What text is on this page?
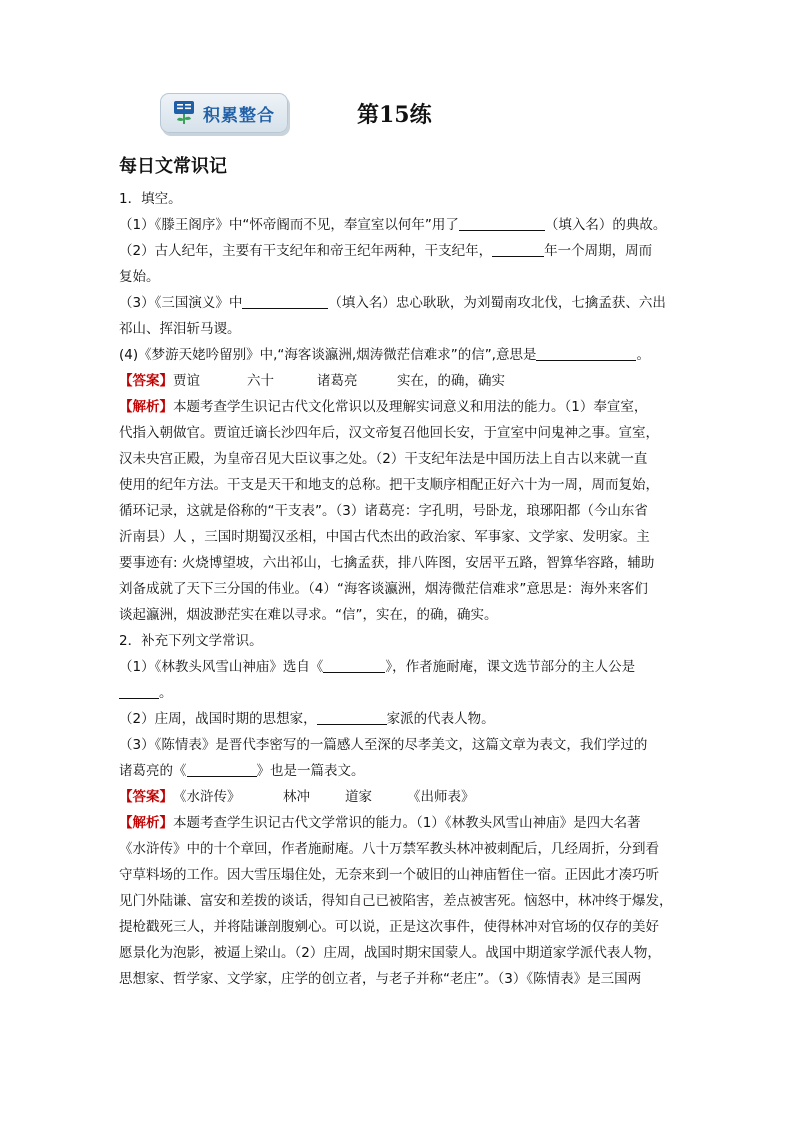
积累整合	第15练
每日文常识记
1．填空。
（1）《滕王阁序》中“怀帝阍而不见，奉宣室以何年”用了	（填入名）的典故。
（2）古人纪年，主要有干支纪年和帝王纪年两种，干支纪年，	年一个周期，周而
复始。
（3）《三国演义》中	（填入名）忠心耿耿，为刘蜀南攻北伐，七擒孟获、六出
祁山、挥泪斩马谡。
(4)《梦游天姥吟留别》中,“海客谈瀛洲,烟涛微茫信难求”的信”,意思是	。
【答案】贾谊	六十	诸葛亮	实在，的确，确实
【解析】本题考查学生识记古代文化常识以及理解实词意义和用法的能力。（1）奉宣室，
代指入朝做官。贾谊迁谪长沙四年后，汉文帝复召他回长安，于宣室中问鬼神之事。宣室，
汉未央宫正殿，为皇帝召见大臣议事之处。（2）干支纪年法是中国历法上自古以来就一直
使用的纪年方法。干支是天干和地支的总称。把干支顺序相配正好六十为一周，周而复始，
循环记录，这就是俗称的“干支表”。（3）诸葛亮：字孔明，号卧龙，琅琊阳都（今山东省
沂南县）人 ，三国时期蜀汉丞相，中国古代杰出的政治家、军事家、文学家、发明家。主
要事迹有: 火烧博望坡，六出祁山，七擒孟获，排八阵图，安居平五路，智算华容路，辅助
刘备成就了天下三分国的伟业。（4）“海客谈瀛洲，烟涛微茫信难求”意思是：海外来客们
谈起瀛洲，烟波渺茫实在难以寻求。“信”，实在，的确，确实。
2．补充下列文学常识。
（1）《林教头风雪山神庙》选自《	》，作者施耐庵，课文选节部分的主人公是
。
（2）庄周，战国时期的思想家，	家派的代表人物。
（3）《陈情表》是晋代李密写的一篇感人至深的尽孝美文，这篇文章为表文，我们学过的
诸葛亮的《	》也是一篇表文。
【答案】《水浒传》	林冲	道家	《出师表》
【解析】本题考查学生识记古代文学常识的能力。（1）《林教头风雪山神庙》是四大名著
《水浒传》中的十个章回，作者施耐庵。八十万禁军教头林冲被刺配后，几经周折，分到看
守草料场的工作。因大雪压塌住处，无奈来到一个破旧的山神庙暂住一宿。正因此才凑巧听
见门外陆谦、富安和差拨的谈话，得知自己已被陷害，差点被害死。恼怒中，林冲终于爆发，
提枪戳死三人，并将陆谦剖腹剜心。可以说，正是这次事件，使得林冲对官场的仅存的美好
愿景化为泡影，被逼上梁山。（2）庄周，战国时期宋国蒙人。战国中期道家学派代表人物，
思想家、哲学家、文学家，庄学的创立者，与老子并称“老庄”。（3）《陈情表》是三国两
